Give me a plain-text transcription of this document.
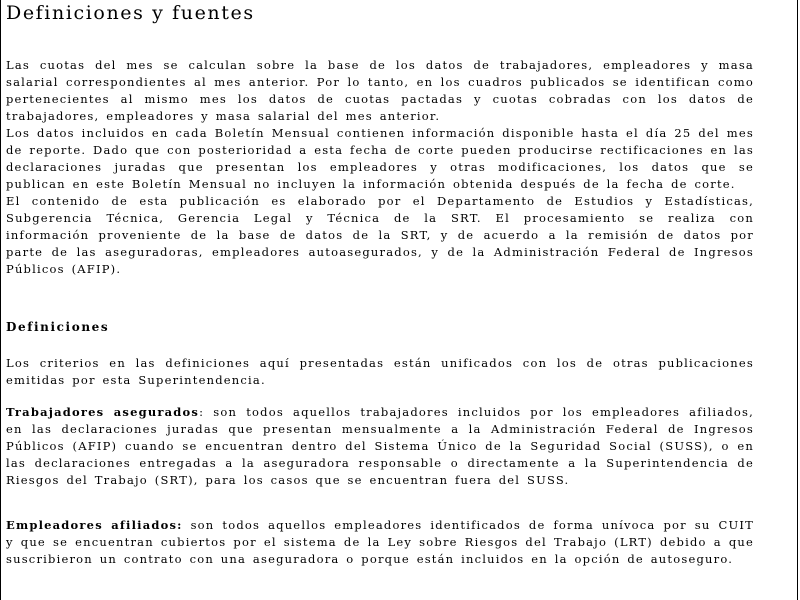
Definiciones y fuentes

Las cuotas del mes se calculan sobre la base de los datos de trabajadores, empleadores y masa salarial correspondientes al mes anterior. Por lo tanto, en los cuadros publicados se identifican como pertenecientes al mismo mes los datos de cuotas pactadas y cuotas cobradas con los datos de trabajadores, empleadores y masa salarial del mes anterior.

Los datos incluidos en cada Boletín Mensual contienen información disponible hasta el día 25 del mes de reporte. Dado que con posterioridad a esta fecha de corte pueden producirse rectificaciones en las declaraciones juradas que presentan los empleadores y otras modificaciones, los datos que se publican en este Boletín Mensual no incluyen la información obtenida después de la fecha de corte.

El contenido de esta publicación es elaborado por el Departamento de Estudios y Estadísticas, Subgerencia Técnica, Gerencia Legal y Técnica de la SRT. El procesamiento se realiza con información proveniente de la base de datos de la SRT, y de acuerdo a la remisión de datos por parte de las aseguradoras, empleadores autoasegurados, y de la Administración Federal de Ingresos Públicos (AFIP).

Definiciones

Los criterios en las definiciones aquí presentadas están unificados con los de otras publicaciones emitidas por esta Superintendencia.

Trabajadores asegurados: son todos aquellos trabajadores incluidos por los empleadores afiliados, en las declaraciones juradas que presentan mensualmente a la Administración Federal de Ingresos Públicos (AFIP) cuando se encuentran dentro del Sistema Único de la Seguridad Social (SUSS), o en las declaraciones entregadas a la aseguradora responsable o directamente a la Superintendencia de Riesgos del Trabajo (SRT), para los casos que se encuentran fuera del SUSS.

Empleadores afiliados: son todos aquellos empleadores identificados de forma unívoca por su CUIT y que se encuentran cubiertos por el sistema de la Ley sobre Riesgos del Trabajo (LRT) debido a que suscribieron un contrato con una aseguradora o porque están incluidos en la opción de autoseguro.
